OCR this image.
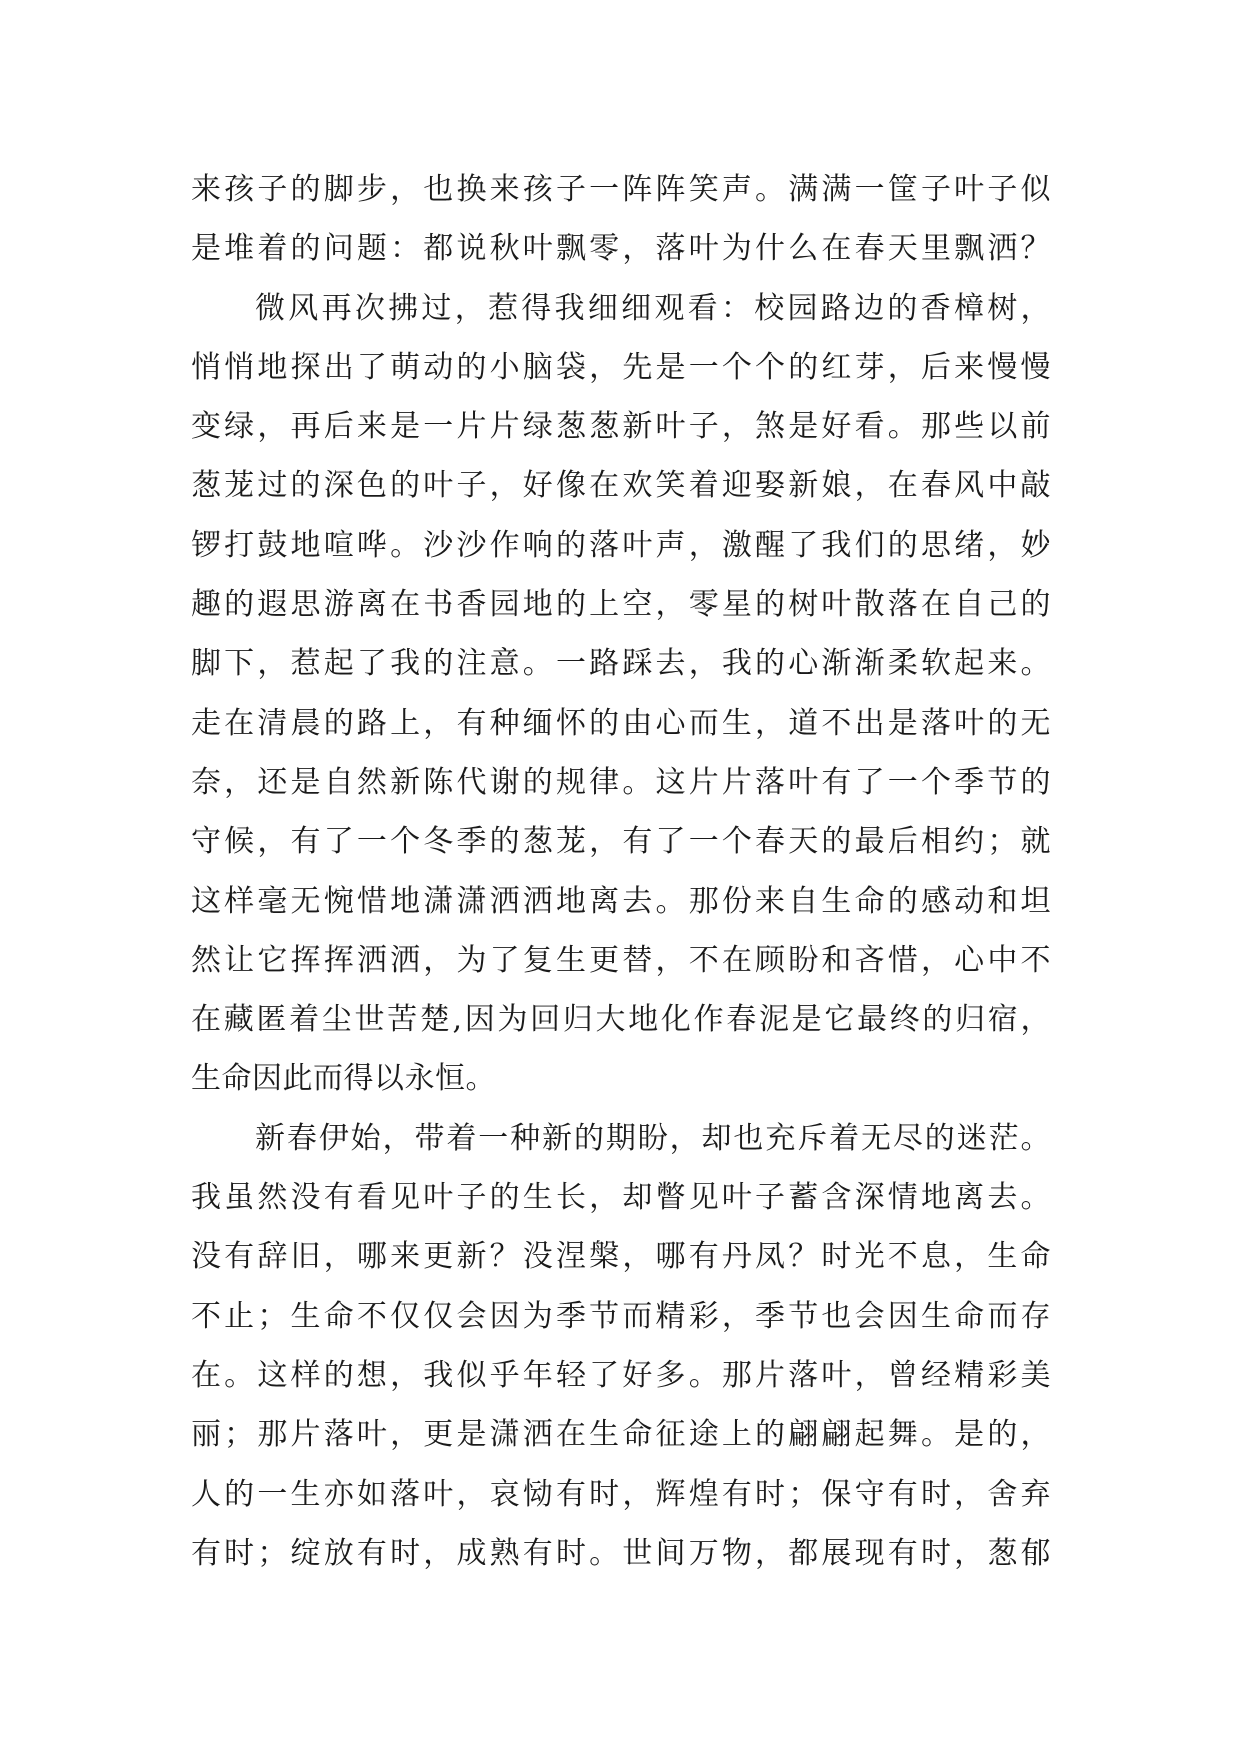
来孩子的脚步，也换来孩子一阵阵笑声。满满一筐子叶子似
是堆着的问题：都说秋叶飘零，落叶为什么在春天里飘洒？
微风再次拂过，惹得我细细观看：校园路边的香樟树，
悄悄地探出了萌动的小脑袋，先是一个个的红芽，后来慢慢
变绿，再后来是一片片绿葱葱新叶子，煞是好看。那些以前
葱茏过的深色的叶子，好像在欢笑着迎娶新娘，在春风中敲
锣打鼓地喧哗。沙沙作响的落叶声，激醒了我们的思绪，妙
趣的遐思游离在书香园地的上空，零星的树叶散落在自己的
脚下，惹起了我的注意。一路踩去，我的心渐渐柔软起来。
走在清晨的路上，有种缅怀的由心而生，道不出是落叶的无
奈，还是自然新陈代谢的规律。这片片落叶有了一个季节的
守候，有了一个冬季的葱茏，有了一个春天的最后相约；就
这样毫无惋惜地潇潇洒洒地离去。那份来自生命的感动和坦
然让它挥挥洒洒，为了复生更替，不在顾盼和吝惜，心中不
在藏匿着尘世苦楚,因为回归大地化作春泥是它最终的归宿，
生命因此而得以永恒。
新春伊始，带着一种新的期盼，却也充斥着无尽的迷茫。
我虽然没有看见叶子的生长，却瞥见叶子蓄含深情地离去。
没有辞旧，哪来更新？没涅槃，哪有丹凤？时光不息，生命
不止；生命不仅仅会因为季节而精彩，季节也会因生命而存
在。这样的想，我似乎年轻了好多。那片落叶，曾经精彩美
丽；那片落叶，更是潇洒在生命征途上的翩翩起舞。是的，
人的一生亦如落叶，哀恸有时，辉煌有时；保守有时，舍弃
有时；绽放有时，成熟有时。世间万物，都展现有时，葱郁
